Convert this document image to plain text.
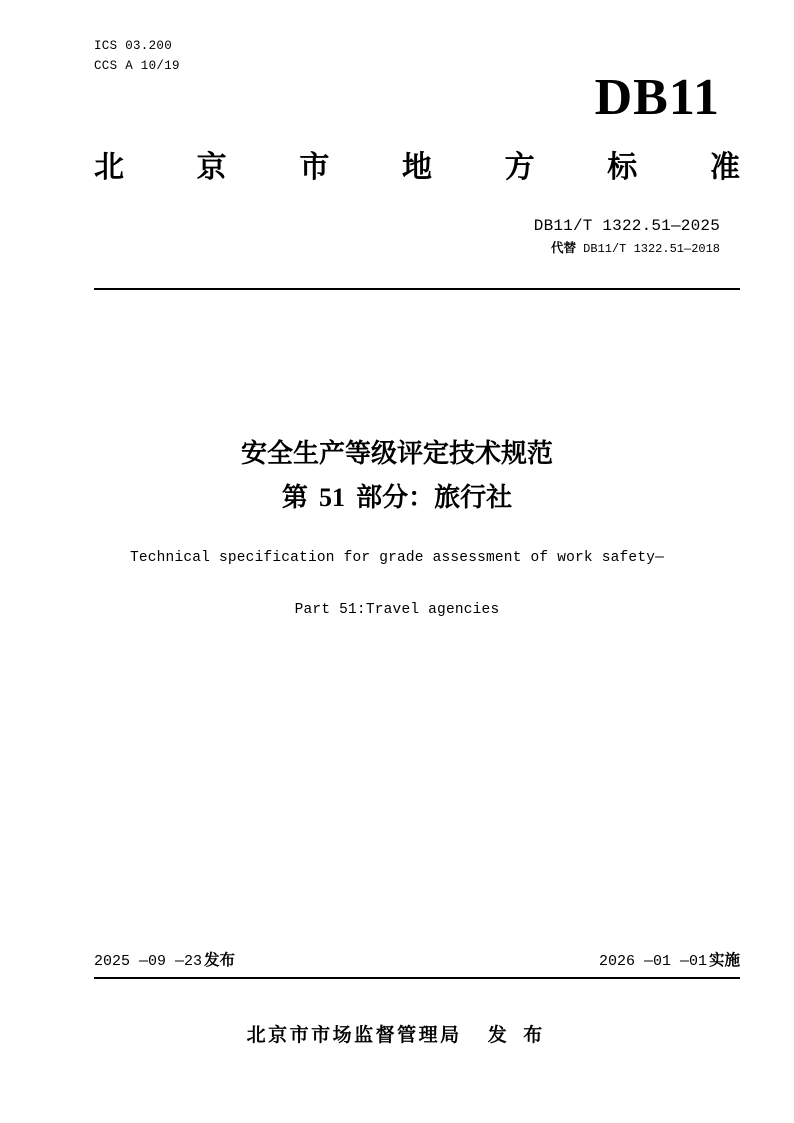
ICS 03.200
CCS A 10/19
DB11
北 京 市 地 方 标 准
DB11/T 1322.51—2025
代替 DB11/T 1322.51—2018
安全生产等级评定技术规范
第 51 部分：旅行社
Technical specification for grade assessment of work safety—
Part 51:Travel agencies
2025 —09 —23 发布	2026 —01 —01 实施
北京市市场监督管理局 发 布
